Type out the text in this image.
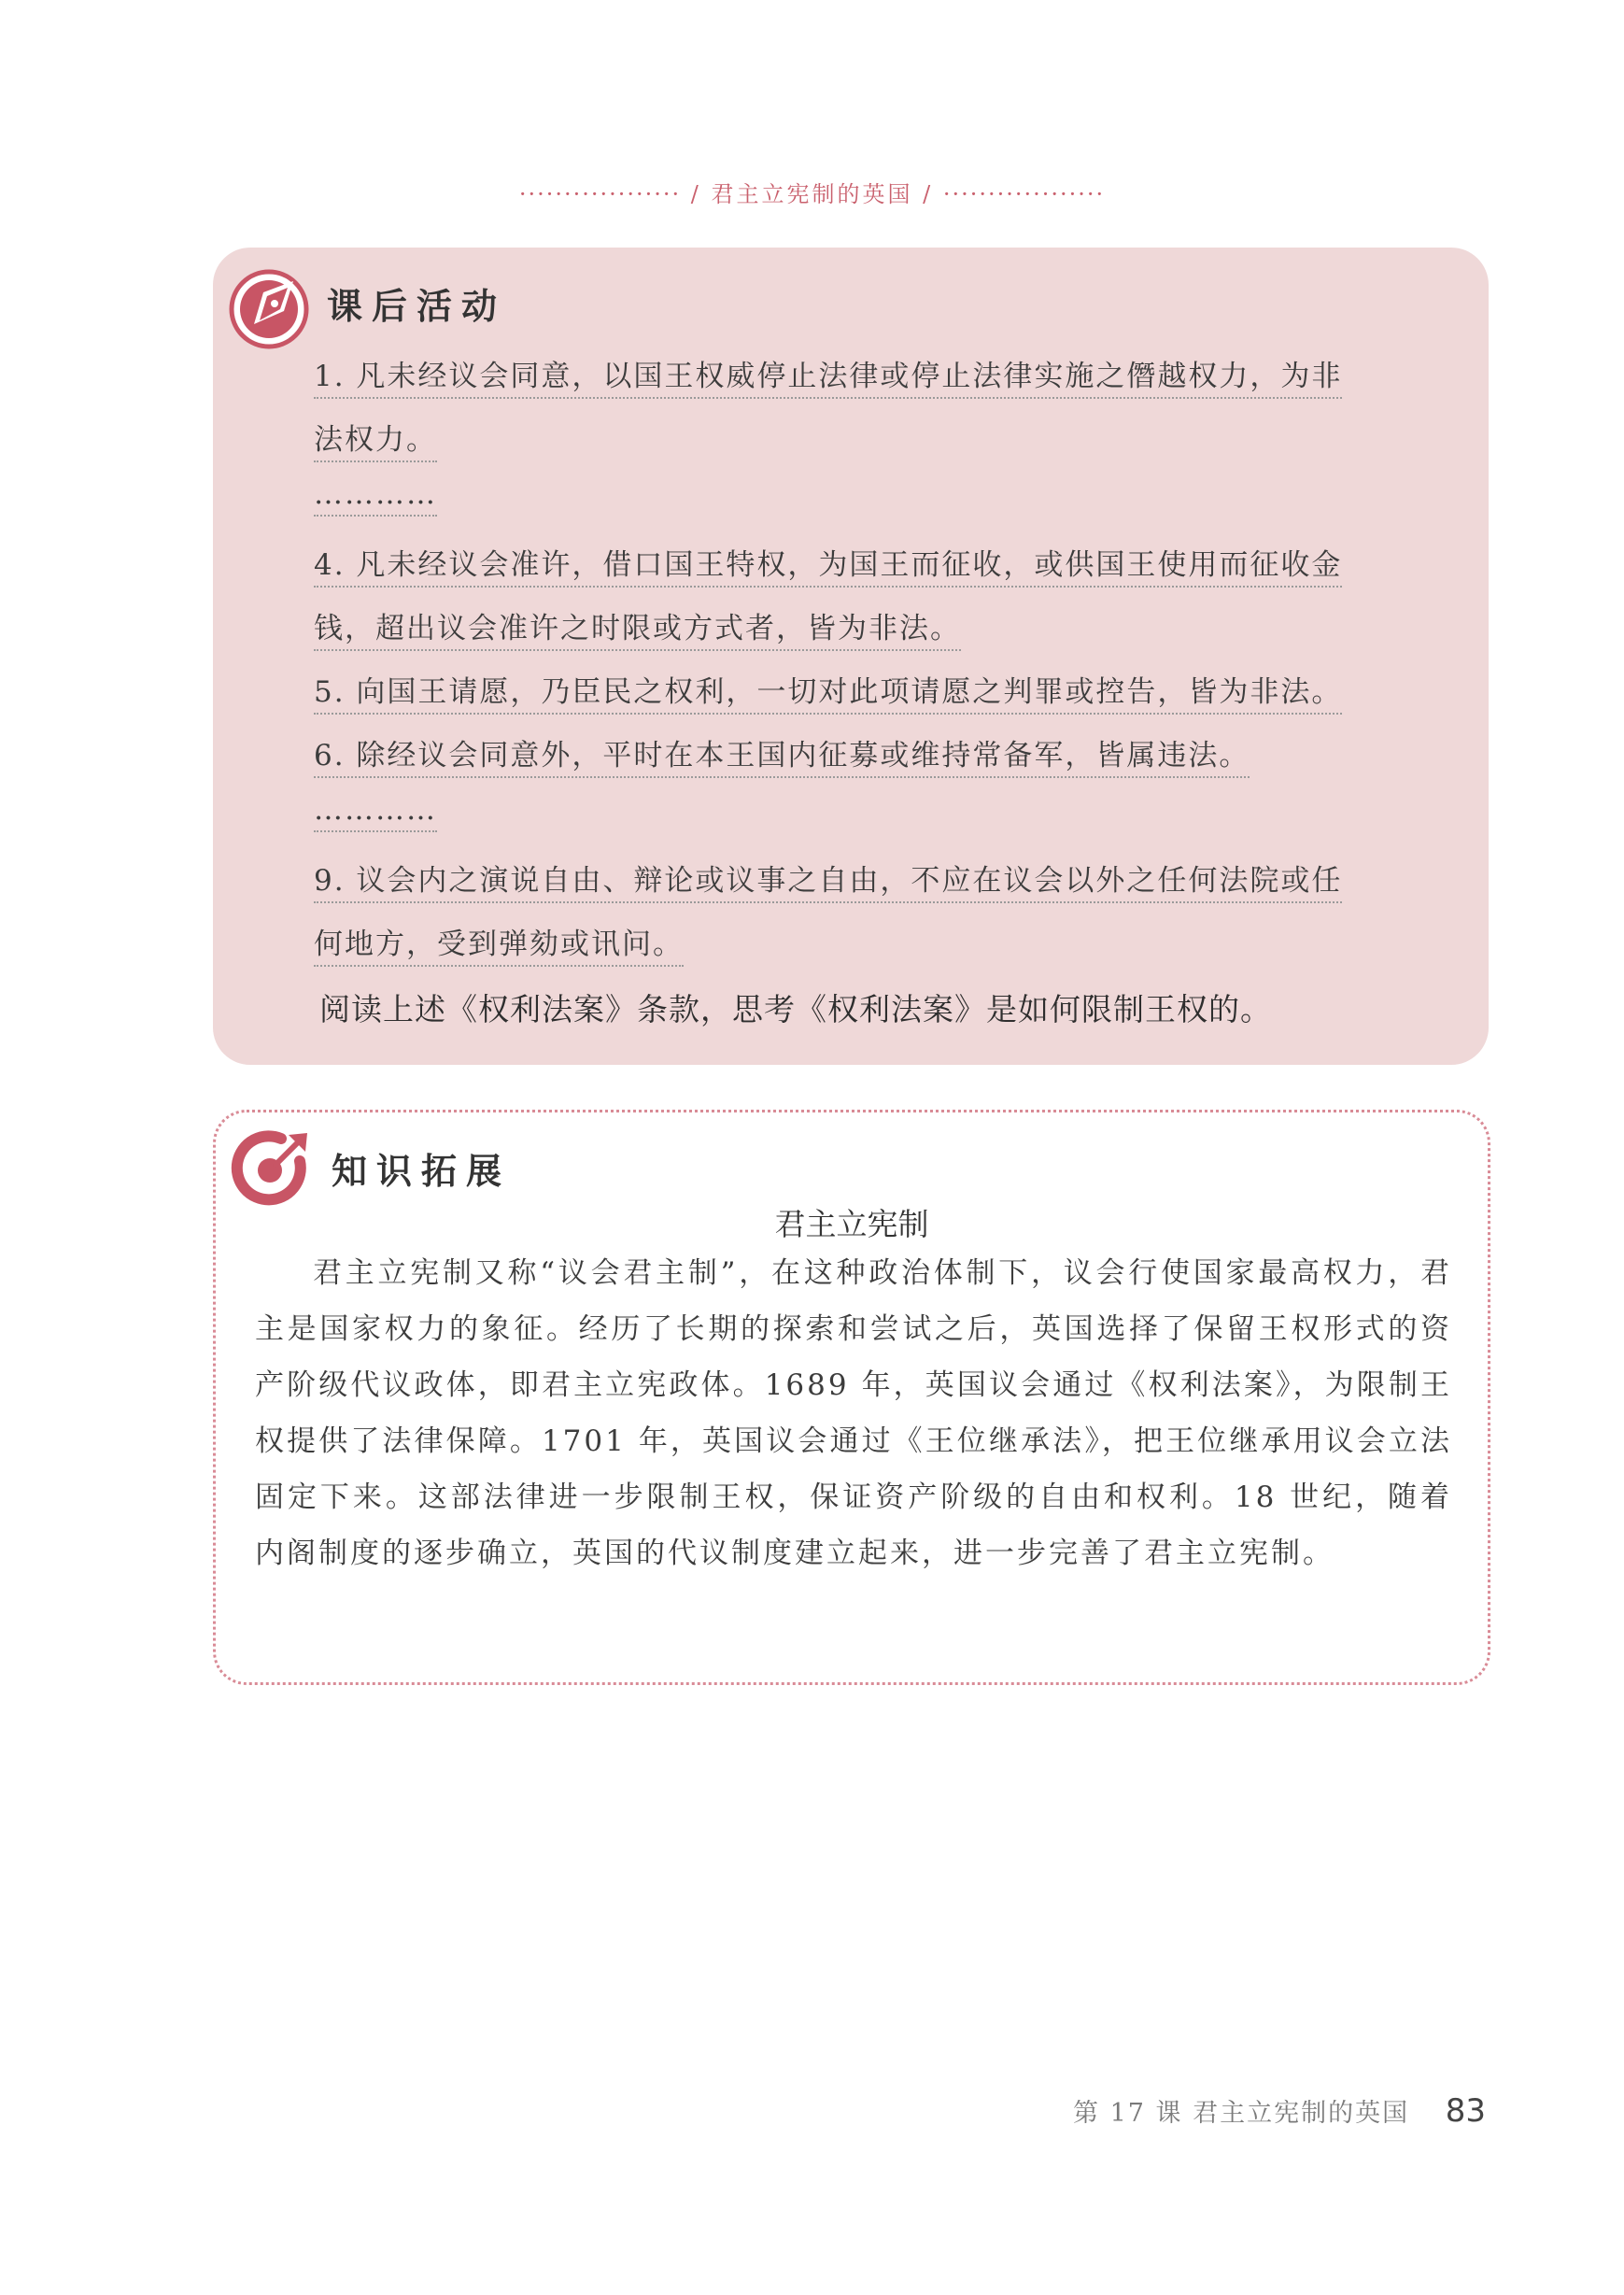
·················· / 君主立宪制的英国 / ··················
课后活动
1. 凡未经议会同意，以国王权威停止法律或停止法律实施之僭越权力，为非
法权力。
…………
4. 凡未经议会准许，借口国王特权，为国王而征收，或供国王使用而征收金
钱，超出议会准许之时限或方式者，皆为非法。
5. 向国王请愿，乃臣民之权利，一切对此项请愿之判罪或控告，皆为非法。
6. 除经议会同意外，平时在本王国内征募或维持常备军，皆属违法。
…………
9. 议会内之演说自由、辩论或议事之自由，不应在议会以外之任何法院或任
何地方，受到弹劾或讯问。
阅读上述《权利法案》条款，思考《权利法案》是如何限制王权的。
知识拓展
君主立宪制
君主立宪制又称“议会君主制”，在这种政治体制下，议会行使国家最高权力，君主是国家权力的象征。经历了长期的探索和尝试之后，英国选择了保留王权形式的资产阶级代议政体，即君主立宪政体。1689 年，英国议会通过《权利法案》，为限制王权提供了法律保障。1701 年，英国议会通过《王位继承法》，把王位继承用议会立法固定下来。这部法律进一步限制王权，保证资产阶级的自由和权利。18 世纪，随着内阁制度的逐步确立，英国的代议制度建立起来，进一步完善了君主立宪制。
第 17 课 君主立宪制的英国 83
